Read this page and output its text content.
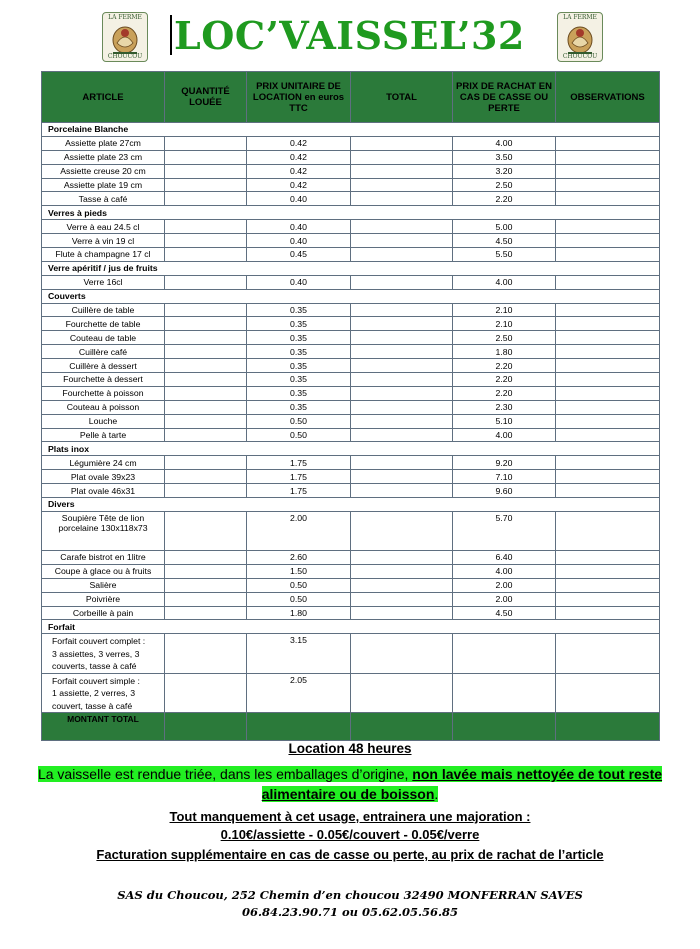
LA FERME
CHOUCOU LOC’VAISSEL’32	LA FERME
CHOUCOU
ARTICLE	QUANTITÉ LOUÉE	PRIX UNITAIRE DE LOCATION en euros TTC	TOTAL	PRIX DE RACHAT EN CAS DE CASSE OU PERTE	OBSERVATIONS
Porcelaine Blanche					
Assiette plate 27cm		0.42		4.00	
Assiette plate 23 cm		0.42		3.50	
Assiette creuse 20 cm		0.42		3.20	
Assiette plate 19 cm		0.42		2.50	
Tasse à café		0.40		2.20	
Verres à pieds					
Verre à eau 24.5 cl		0.40		5.00	
Verre à vin 19 cl		0.40		4.50	
Flute à champagne 17 cl		0.45		5.50	
Verre apéritif / jus de fruits					
Verre 16cl		0.40		4.00	
Couverts					
Cuillère de table		0.35		2.10	
Fourchette de table		0.35		2.10	
Couteau de table		0.35		2.50	
Cuillère café		0.35		1.80	
Cuillère à dessert		0.35		2.20	
Fourchette à dessert		0.35		2.20	
Fourchette à poisson		0.35		2.20	
Couteau à poisson		0.35		2.30	
Louche		0.50		5.10	
Pelle à tarte		0.50		4.00	
Plats inox					
Légumière 24 cm		1.75		9.20	
Plat ovale 39x23		1.75		7.10	
Plat ovale 46x31		1.75		9.60	
Divers					

Soupière Tête de lion
porcelaine 130x118x73		2.00		5.70	
Carafe bistrot en 1litre		2.60		6.40	
Coupe à glace ou à fruits		1.50		4.00	
Salière		0.50		2.00	
Poivrière		0.50		2.00	
Corbeille à pain		1.80		4.50	
Forfait					

Forfait couvert complet :
3 assiettes, 3 verres, 3
couverts, tasse à café		3.15			

Forfait couvert simple :
1 assiette, 2 verres, 3
couvert, tasse à café		2.05			
MONTANT TOTAL					
Location 48 heures
La vaisselle est rendue triée, dans les emballages d’origine, non lavée mais nettoyée de tout reste alimentaire ou de boisson.
Tout manquement à cet usage, entrainera une majoration :
0.10€/assiette - 0.05€/couvert - 0.05€/verre
Facturation supplémentaire en cas de casse ou perte, au prix de rachat de l’article
SAS du Choucou, 252 Chemin d’en choucou 32490 MONFERRAN SAVES
06.84.23.90.71 ou 05.62.05.56.85
